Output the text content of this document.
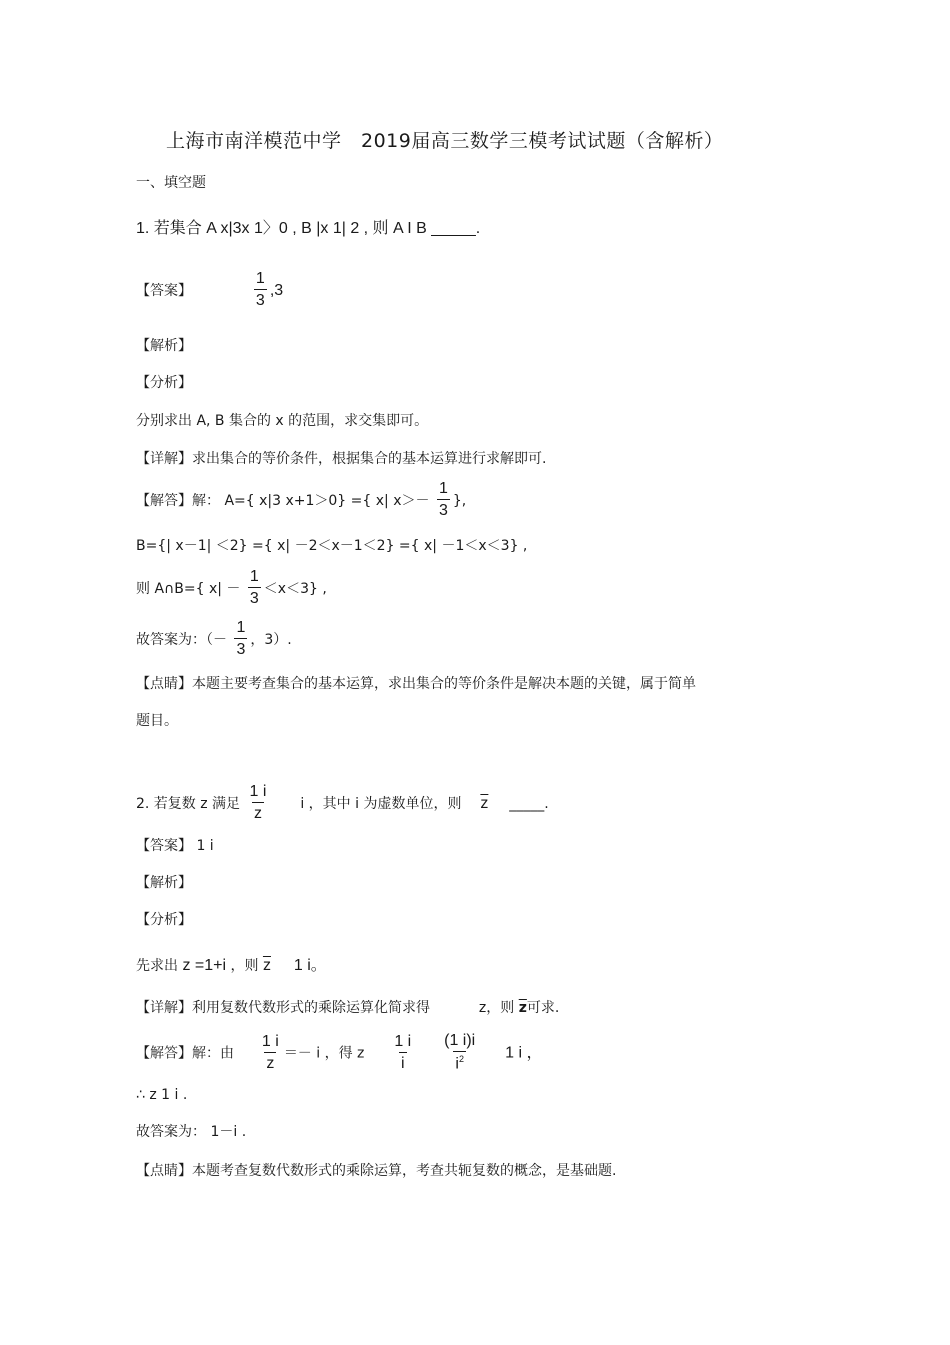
上海市南洋模范中学　2019届高三数学三模考试试题（含解析）
一、填空题
1. 若集合 A x|3x 1〉0 , B |x 1| 2 , 则 A I B _____.
【答案】	$\frac{1}{3} ,3$
【解析】
【分析】
分别求出 A, B 集合的 x 的范围，求交集即可。
【详解】求出集合的等价条件，根据集合的基本运算进行求解即可.
【解答】解： A={ x|3 x+1＞0} ={ x| $x>- \frac{1}{3}$ },
B={| x－1| ＜2} ={ x| －2＜x－1＜2} ={ x| －1＜x＜3} ,
则 A∩B={ $x| - \frac{1}{3} <x<3$} ,
故答案为：（－ $\frac{1}{3}$ ，3）.
【点睛】本题主要考查集合的基本运算，求出集合的等价条件是解决本题的关键，属于简单
题目。
2. 若复数 z 满足 $\frac{1 i}{z}$ i ，其中 i 为虚数单位，则 $\overline{z}$ _____.
【答案】 1 i
【解析】
【分析】
先求出 z =1+i ，则 $\overline{z}$ 1 i。
【详解】利用复数代数形式的乘除运算化简求得	z，则 $\overline{z}$可求.
【解答】解：由 $\frac{1 i}{z} =- i$ ，得 z $\frac{1 i}{i}$
$\frac{(1 i)i}{i^2} 1$ i ，
∴ z 1 i .
故答案为： 1－i .
【点睛】本题考查复数代数形式的乘除运算，考查共轭复数的概念，是基础题.
